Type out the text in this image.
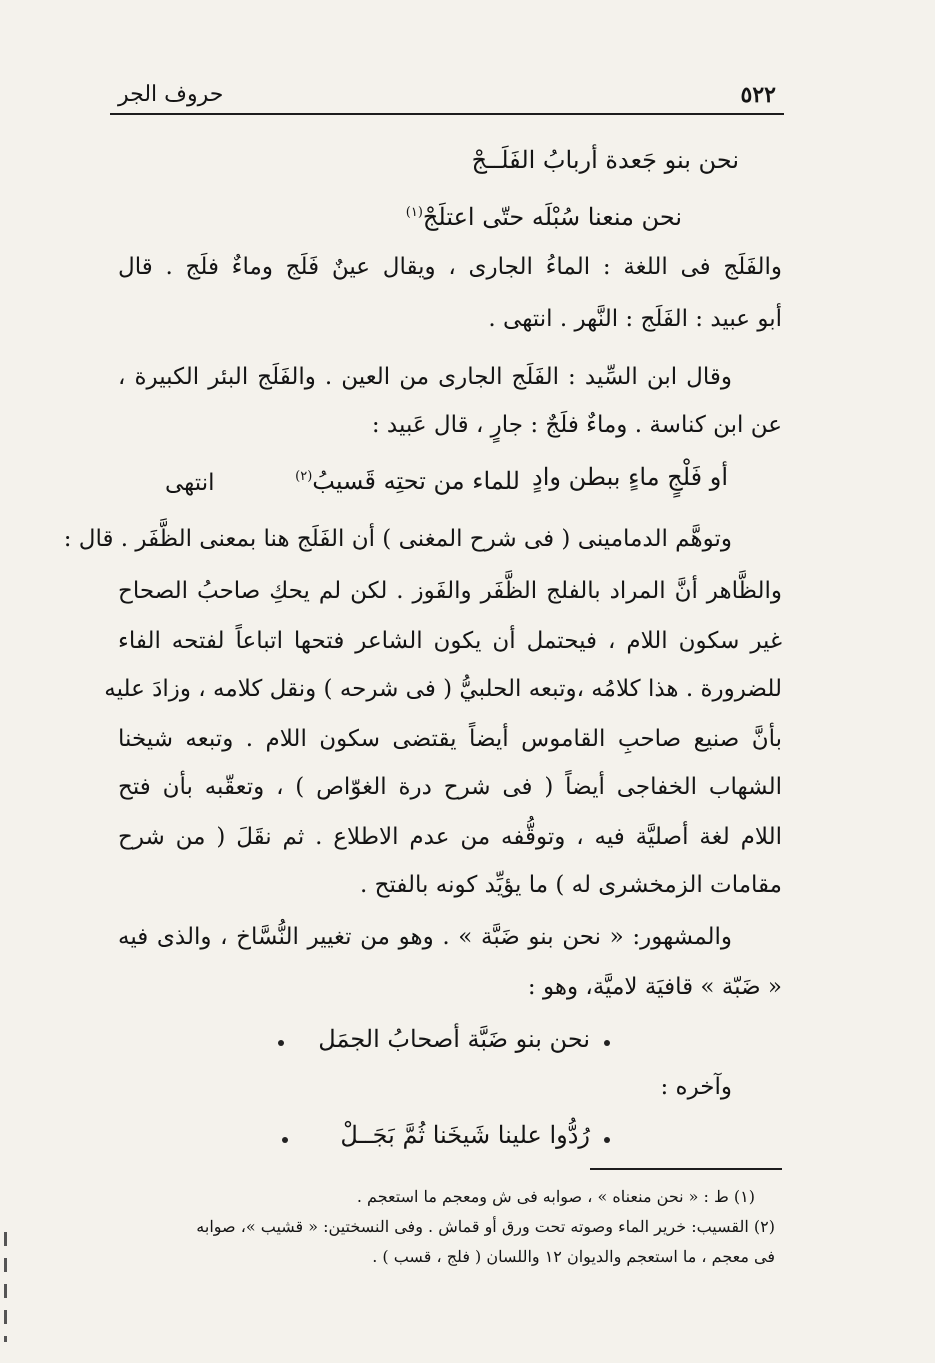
٥٢٢
حروف الجر
نحن بنو جَعدة أربابُ الفَلَــجْ
نحن منعنا سُبْلَه حتّى اعتلَجْ$^{(١)}$
والفَلَج فى اللغة : الماءُ الجارى ، ويقال عينٌ فَلَج وماءٌ فلَج . قال
أبو عبيد : الفَلَج : النَّهر . انتهى .
وقال ابن السِّيد : الفَلَج الجارى من العين . والفَلَج البئر الكبيرة ،
عن ابن كناسة . وماءٌ فلَجٌ : جارٍ ، قال عَبيد :
أو فَلْجٍ ماءٍ ببطن وادٍ
للماء من تحتِه قَسيبُ$^{(٢)}$
انتهى
وتوهَّم الدمامينى ( فى شرح المغنى ) أن الفَلَج هنا بمعنى الظَّفَر . قال :
والظَّاهر أنَّ المراد بالفلج الظَّفَر والفَوز . لكن لم يحكِ صاحبُ الصحاح
غير سكون اللام ، فيحتمل أن يكون الشاعر فتحها اتباعاً لفتحه الفاء
للضرورة . هذا كلامُه ،وتبعه الحلبيُّ ( فى شرحه ) ونقل كلامه ، وزادَ عليه
بأنَّ صنيع صاحبِ القاموس أيضاً يقتضى سكون اللام . وتبعه شيخنا
الشهاب الخفاجى أيضاً ( فى شرح درة الغوّاص ) ، وتعقّبه بأن فتح
اللام لغة أصليَّة فيه ، وتوقُّفه من عدم الاطلاع . ثم نقَلَ ( من شرح
مقامات الزمخشرى له ) ما يؤيِّد كونه بالفتح .
والمشهور: « نحن بنو ضَبَّة » . وهو من تغيير النُّسَّاخ ، والذى فيه
« ضَبّة » قافيَة لاميَّة، وهو :
نحن بنو ضَبَّة أصحابُ الجمَل
وآخره :
رُدُّوا علينا شَيخَنا ثُمَّ بَجَــلْ
(١) ط : « نحن منعناه » ، صوابه فى ش ومعجم ما استعجم .
(٢) القسيب: خرير الماء وصوته تحت ورق أو قماش . وفى النسختين: « قشيب »، صوابه
فى معجم ، ما استعجم والديوان ١٢ واللسان ( فلج ، قسب ) .
